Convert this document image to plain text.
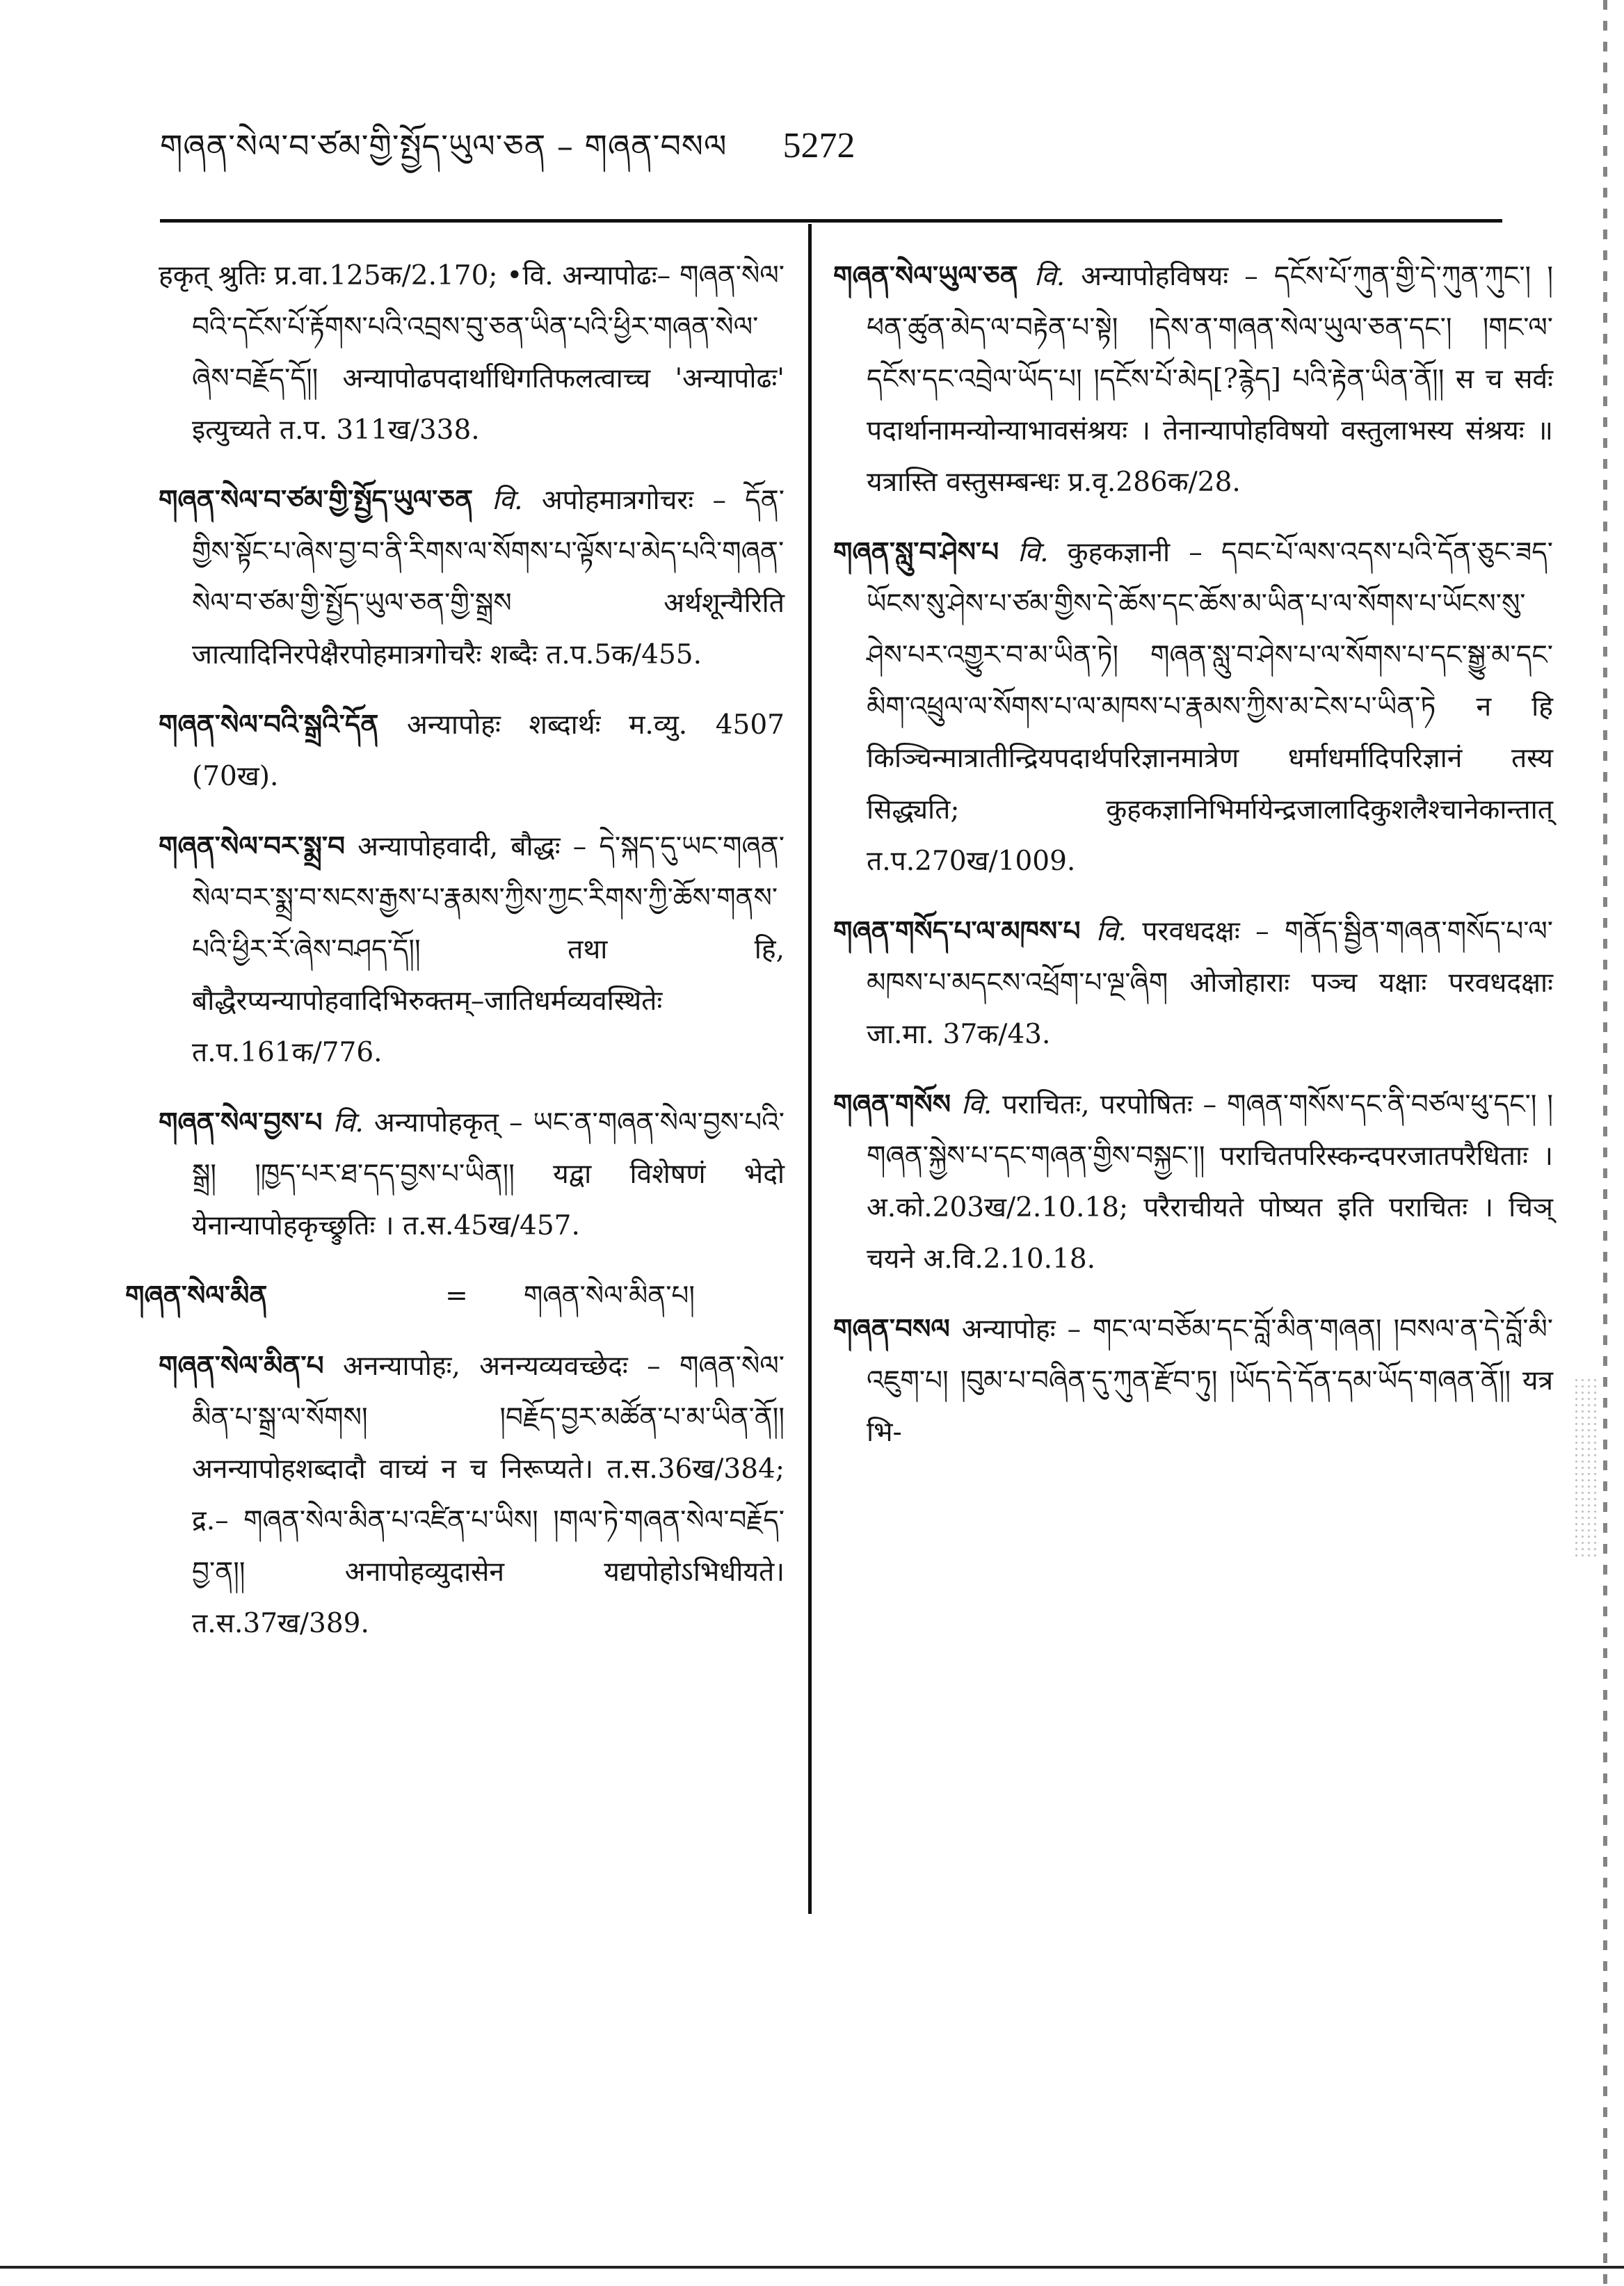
གཞན་སེལ་བ་ཙམ་གྱི་སྤྱོད་ཡུལ་ཅན – གཞན་བསལ 5272

हकृत् श्रुतिः प्र.वा.125क/2.170; •वि. अन्यापोढः– གཞན་སེལ་བའི་དངོས་པོ་རྟོགས་པའི་འབྲས་བུ་ཅན་ཡིན་པའི་ཕྱིར་གཞན་སེལ་ཞེས་བརྗོད་དོ།། अन्यापोढपदार्थाधिगतिफलत्वाच्च 'अन्यापोढः' इत्युच्यते त.प. 311ख/338.

གཞན་སེལ་བ་ཙམ་གྱི་སྤྱོད་ཡུལ་ཅན वि. अपोहमात्रगोचरः – དོན་གྱིས་སྟོང་པ་ཞེས་བྱ་བ་ནི་རིགས་ལ་སོགས་པ་ལྟོས་པ་མེད་པའི་གཞན་སེལ་བ་ཙམ་གྱི་སྤྱོད་ཡུལ་ཅན་གྱི་སྒྲས अर्थशून्यैरिति जात्यादिनिरपेक्षैरपोहमात्रगोचरैः शब्दैः त.प.5क/455.

གཞན་སེལ་བའི་སྒྲའི་དོན अन्यापोहः शब्दार्थः म.व्यु. 4507 (70ख).

གཞན་སེལ་བར་སྨྲ་བ अन्यापोहवादी, बौद्धः – དེ་སྐད་དུ་ཡང་གཞན་སེལ་བར་སྨྲ་བ་སངས་རྒྱས་པ་རྣམས་ཀྱིས་ཀྱང་རིགས་ཀྱི་ཆོས་གནས་པའི་ཕྱིར་རོ་ཞེས་བཤད་དོ།། तथा हि, बौद्धैरप्यन्यापोहवादिभिरुक्तम्–जातिधर्मव्यवस्थितेः त.प.161क/776.

གཞན་སེལ་བྱས་པ वि. अन्यापोहकृत् – ཡང་ན་གཞན་སེལ་བྱས་པའི་སྒྲ། །ཁྱད་པར་ཐ་དད་བྱས་པ་ཡིན།། यद्वा विशेषणं भेदो येनान्यापोहकृच्छ्रुतिः । त.स.45ख/457.

གཞན་སེལ་མིན	= གཞན་སེལ་མིན་པ།

གཞན་སེལ་མིན་པ अनन्यापोहः, अनन्यव्यवच्छेदः – གཞན་སེལ་མིན་པ་སྒྲ་ལ་སོགས། །བརྗོད་བྱར་མཚོན་པ་མ་ཡིན་ནོ།། अनन्यापोहशब्दादौ वाच्यं न च निरूप्यते। त.स.36ख/384; द्र.– གཞན་སེལ་མིན་པ་འཛིན་པ་ཡིས། །གལ་ཏེ་གཞན་སེལ་བརྗོད་བྱ་ན།། अनापोहव्युदासेन यद्यपोहोऽभिधीयते। त.स.37ख/389.

གཞན་སེལ་ཡུལ་ཅན वि. अन्यापोहविषयः – དངོས་པོ་ཀུན་གྱི་དེ་ཀུན་ཀུང་། །ཕན་ཚུན་མེད་ལ་བརྟེན་པ་སྟེ། །དེས་ན་གཞན་སེལ་ཡུལ་ཅན་དང་། །གང་ལ་དངོས་དང་འབྲེལ་ཡོད་པ། །དངོས་པོ་མེད[?རྙེད] པའི་རྟེན་ཡིན་ནོ།། स च सर्वः पदार्थानामन्योन्याभावसंश्रयः । तेनान्यापोहविषयो वस्तुलाभस्य संश्रयः ॥ यत्रास्ति वस्तुसम्बन्धः प्र.वृ.286क/28.

གཞན་སླུ་བ་ཤེས་པ वि. कुहकज्ञानी – དབང་པོ་ལས་འདས་པའི་དོན་ཅུང་ཟད་ཡོངས་སུ་ཤེས་པ་ཙམ་གྱིས་དེ་ཆོས་དང་ཆོས་མ་ཡིན་པ་ལ་སོགས་པ་ཡོངས་སུ་ཤེས་པར་འགྱུར་བ་མ་ཡིན་ཏེ། གཞན་སླུ་བ་ཤེས་པ་ལ་སོགས་པ་དང་སྒྱུ་མ་དང་མིག་འཕྲུལ་ལ་སོགས་པ་ལ་མཁས་པ་རྣམས་ཀྱིས་མ་ངེས་པ་ཡིན་ཏེ न हि किञ्चिन्मात्रातीन्द्रियपदार्थपरिज्ञानमात्रेण धर्माधर्मादिपरिज्ञानं तस्य सिद्ध्यति; कुहकज्ञानिभिर्मायेन्द्रजालादिकुशलैश्चानेकान्तात् त.प.270ख/1009.

གཞན་གསོད་པ་ལ་མཁས་པ वि. परवधदक्षः – གནོད་སྦྱིན་གཞན་གསོད་པ་ལ་མཁས་པ་མདངས་འཕྲོག་པ་ལྔ་ཞིག ओजोहाराः पञ्च यक्षाः परवधदक्षाः जा.मा. 37क/43.

གཞན་གསོས वि. पराचितः, परपोषितः – གཞན་གསོས་དང་ནི་བཙལ་ཕུ་དང་། །གཞན་སྐྱེས་པ་དང་གཞན་གྱིས་བསྐྱང་།། पराचितपरिस्कन्दपरजातपरैधिताः । अ.को.203ख/2.10.18; परैराचीयते पोष्यत इति पराचितः । चिञ् चयने अ.वि.2.10.18.

གཞན་བསལ अन्यापोहः – གང་ལ་བཅོམ་དང་བློ་མིན་གཞན། །བསལ་ན་དེ་བློ་མི་འཇུག་པ། །བུམ་པ་བཞིན་དུ་ཀུན་རྫོབ་ཏུ། །ཡོད་དེ་དོན་དམ་ཡོད་གཞན་ནོ།། यत्र भि-
